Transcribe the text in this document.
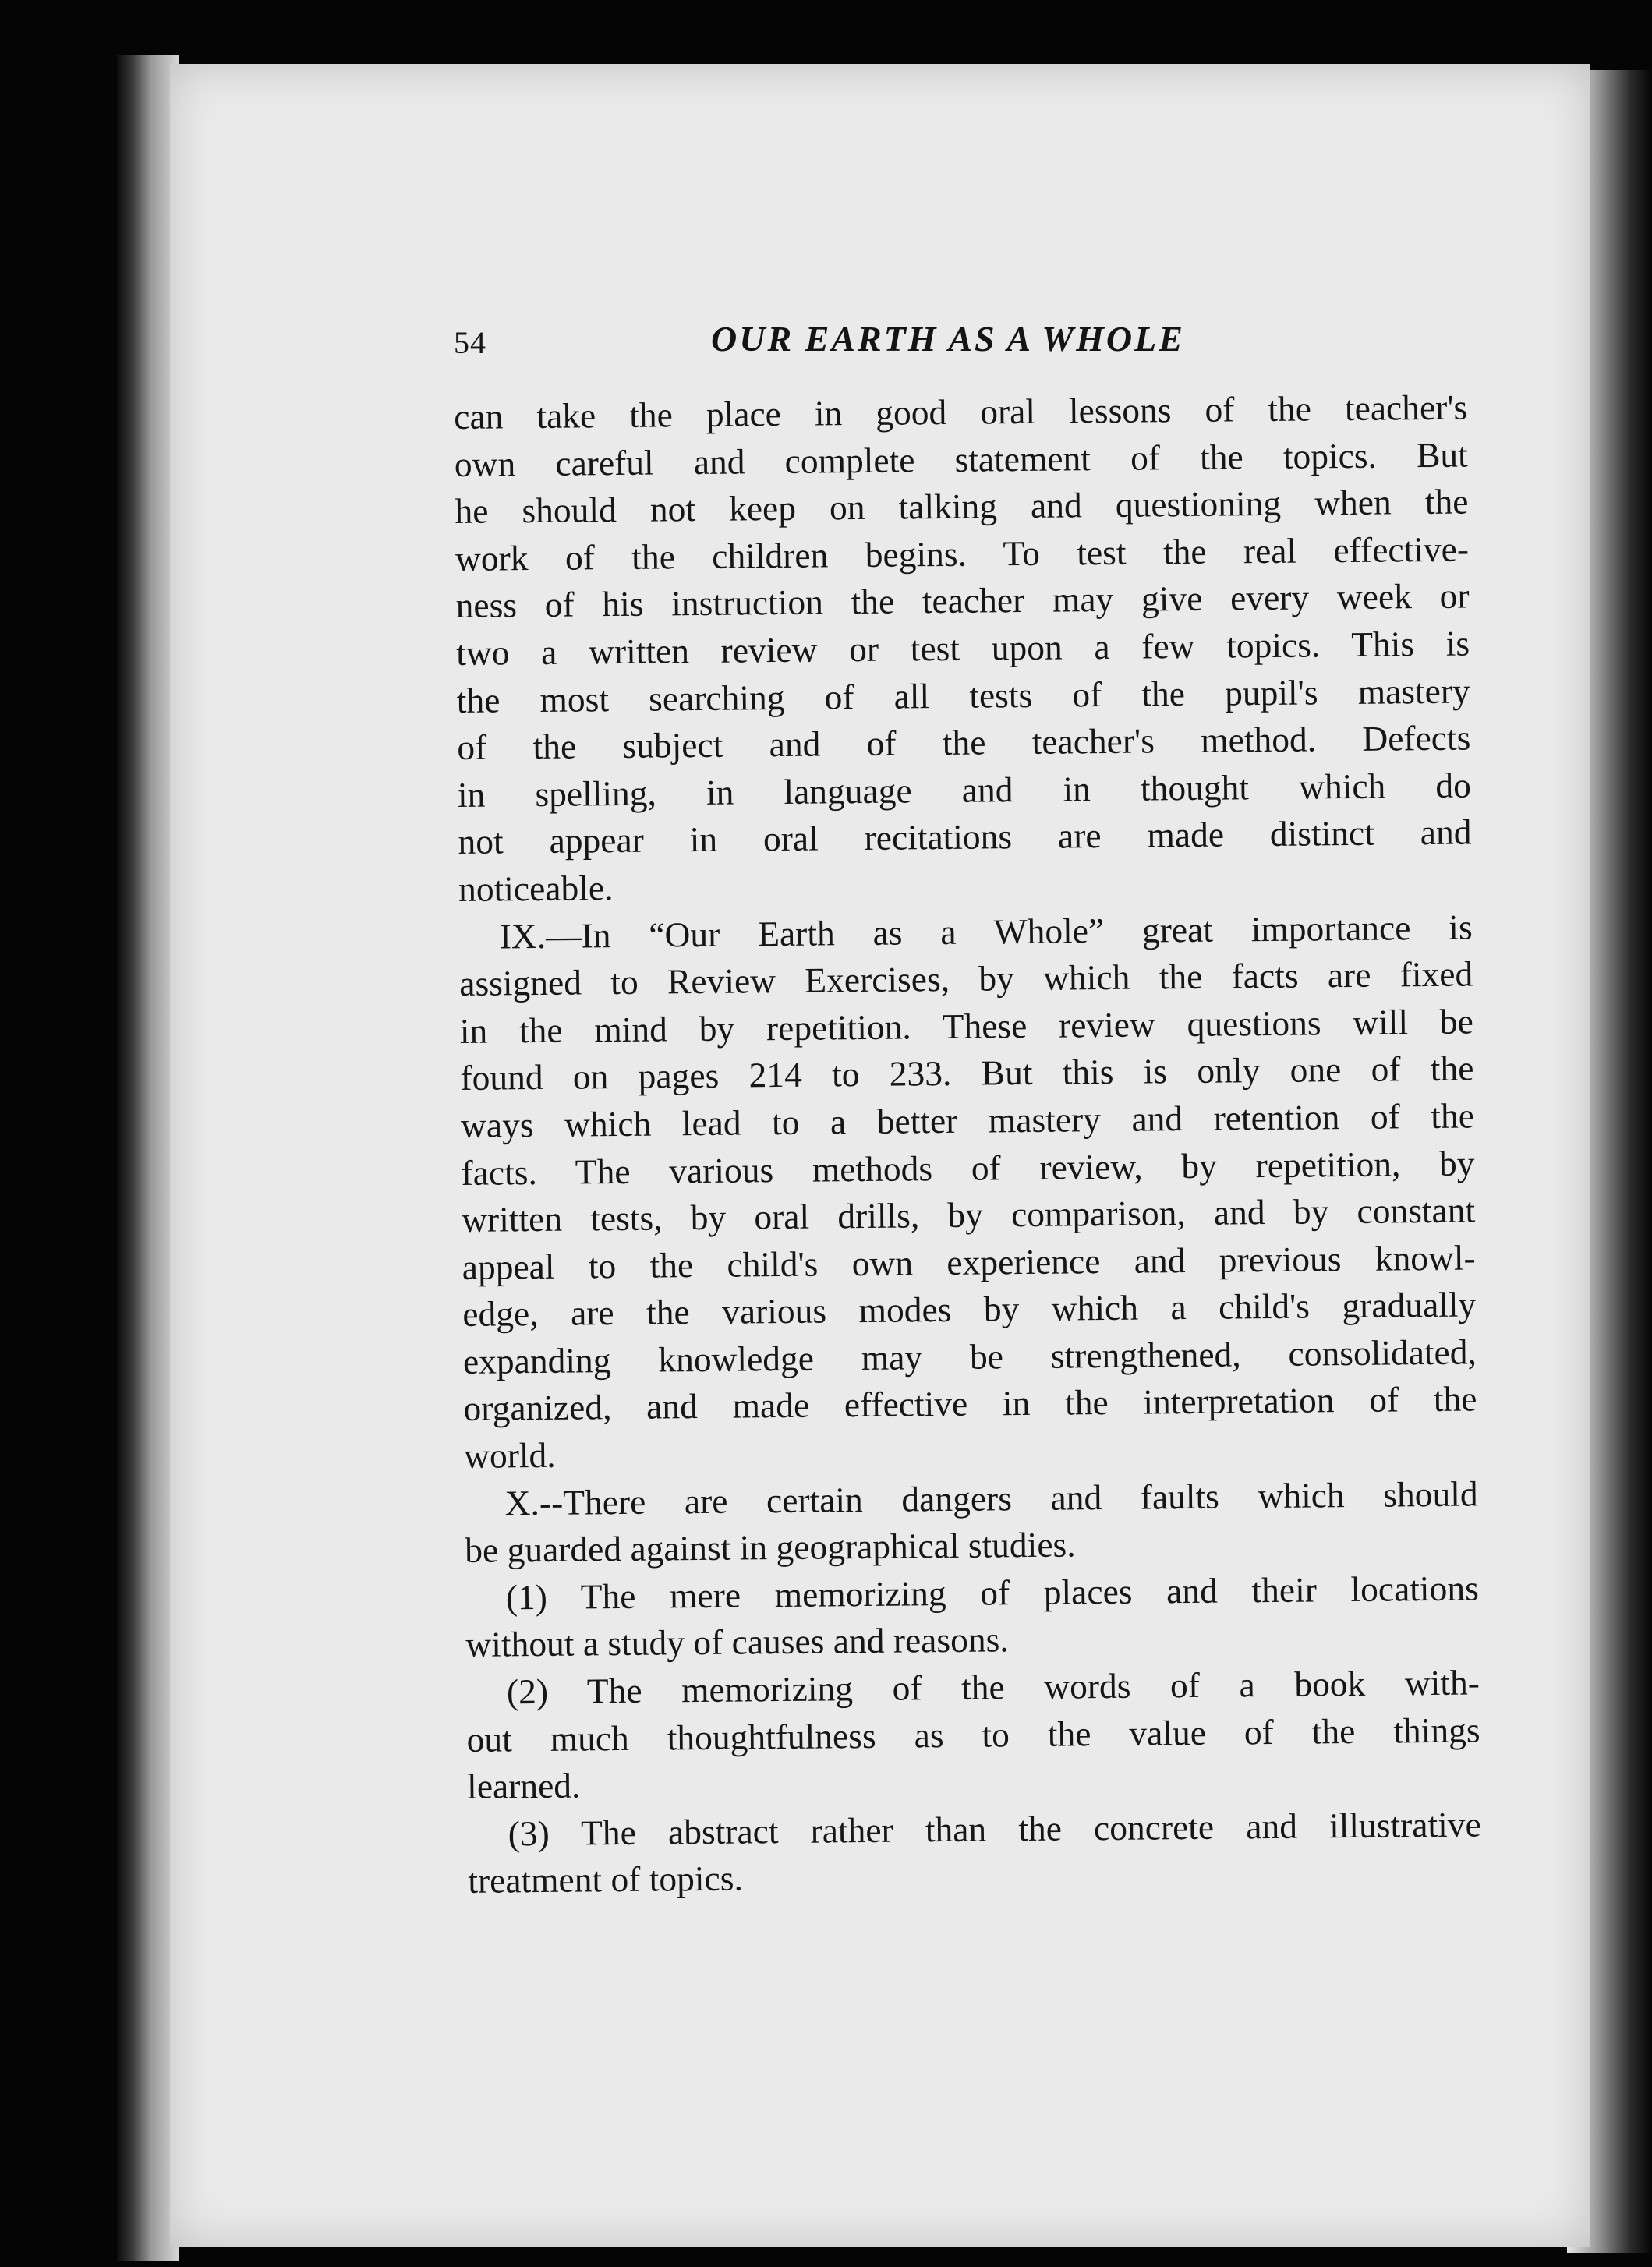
54	OUR EARTH AS A WHOLE
can take the place in good oral lessons of the teacher's
own careful and complete statement of the topics. But
he should not keep on talking and questioning when the
work of the children begins. To test the real effective-
ness of his instruction the teacher may give every week or
two a written review or test upon a few topics. This is
the most searching of all tests of the pupil's mastery
of the subject and of the teacher's method. Defects
in spelling, in language and in thought which do
not appear in oral recitations are made distinct and
noticeable.
IX.—In “Our Earth as a Whole” great importance is
assigned to Review Exercises, by which the facts are fixed
in the mind by repetition. These review questions will be
found on pages 214 to 233. But this is only one of the
ways which lead to a better mastery and retention of the
facts. The various methods of review, by repetition, by
written tests, by oral drills, by comparison, and by constant
appeal to the child's own experience and previous knowl-
edge, are the various modes by which a child's gradually
expanding knowledge may be strengthened, consolidated,
organized, and made effective in the interpretation of the
world.
X.--There are certain dangers and faults which should
be guarded against in geographical studies.
(1) The mere memorizing of places and their locations
without a study of causes and reasons.
(2) The memorizing of the words of a book with-
out much thoughtfulness as to the value of the things
learned.
(3) The abstract rather than the concrete and illustrative
treatment of topics.
